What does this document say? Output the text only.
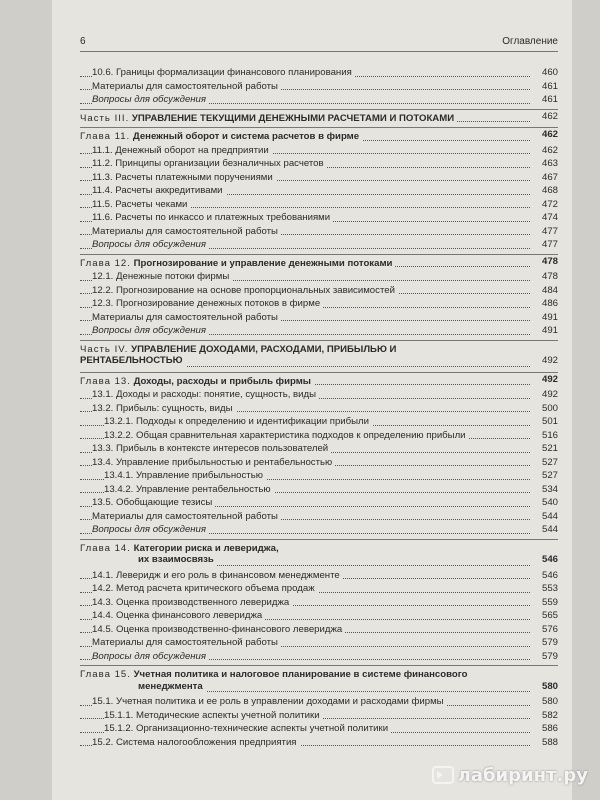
6	Оглавление
10.6. Границы формализации финансового планирования	460
Материалы для самостоятельной работы	461
Вопросы для обсуждения	461
Часть III. УПРАВЛЕНИЕ ТЕКУЩИМИ ДЕНЕЖНЫМИ РАСЧЕТАМИ И ПОТОКАМИ	462
Глава 11. Денежный оборот и система расчетов в фирме	462
11.1. Денежный оборот на предприятии	462
11.2. Принципы организации безналичных расчетов	463
11.3. Расчеты платежными поручениями	467
11.4. Расчеты аккредитивами	468
11.5. Расчеты чеками	472
11.6. Расчеты по инкассо и платежных требованиями	474
Материалы для самостоятельной работы	477
Вопросы для обсуждения	477
Глава 12. Прогнозирование и управление денежными потоками	478
12.1. Денежные потоки фирмы	478
12.2. Прогнозирование на основе пропорциональных зависимостей	484
12.3. Прогнозирование денежных потоков в фирме	486
Материалы для самостоятельной работы	491
Вопросы для обсуждения	491
Часть IV. УПРАВЛЕНИЕ ДОХОДАМИ, РАСХОДАМИ, ПРИБЫЛЬЮ И
РЕНТАБЕЛЬНОСТЬЮ	492
Глава 13. Доходы, расходы и прибыль фирмы	492
13.1. Доходы и расходы: понятие, сущность, виды	492
13.2. Прибыль: сущность, виды	500
13.2.1. Подходы к определению и идентификации прибыли	501
13.2.2. Общая сравнительная характеристика подходов к определению прибыли	516
13.3. Прибыль в контексте интересов пользователей	521
13.4. Управление прибыльностью и рентабельностью	527
13.4.1. Управление прибыльностью	527
13.4.2. Управление рентабельностью	534
13.5. Обобщающие тезисы	540
Материалы для самостоятельной работы	544
Вопросы для обсуждения	544
Глава 14. Категории риска и левериджа,
их взаимосвязь	546
14.1. Леверидж и его роль в финансовом менеджменте	546
14.2. Метод расчета критического объема продаж	553
14.3. Оценка производственного левериджа	559
14.4. Оценка финансового левериджа	565
14.5. Оценка производственно-финансового левериджа	576
Материалы для самостоятельной работы	579
Вопросы для обсуждения	579
Глава 15. Учетная политика и налоговое планирование в системе финансового
менеджмента	580
15.1. Учетная политика и ее роль в управлении доходами и расходами фирмы	580
15.1.1. Методические аспекты учетной политики	582
15.1.2. Организационно-технические аспекты учетной политики	586
15.2. Система налогообложения предприятия	588
лабиринт.ру
